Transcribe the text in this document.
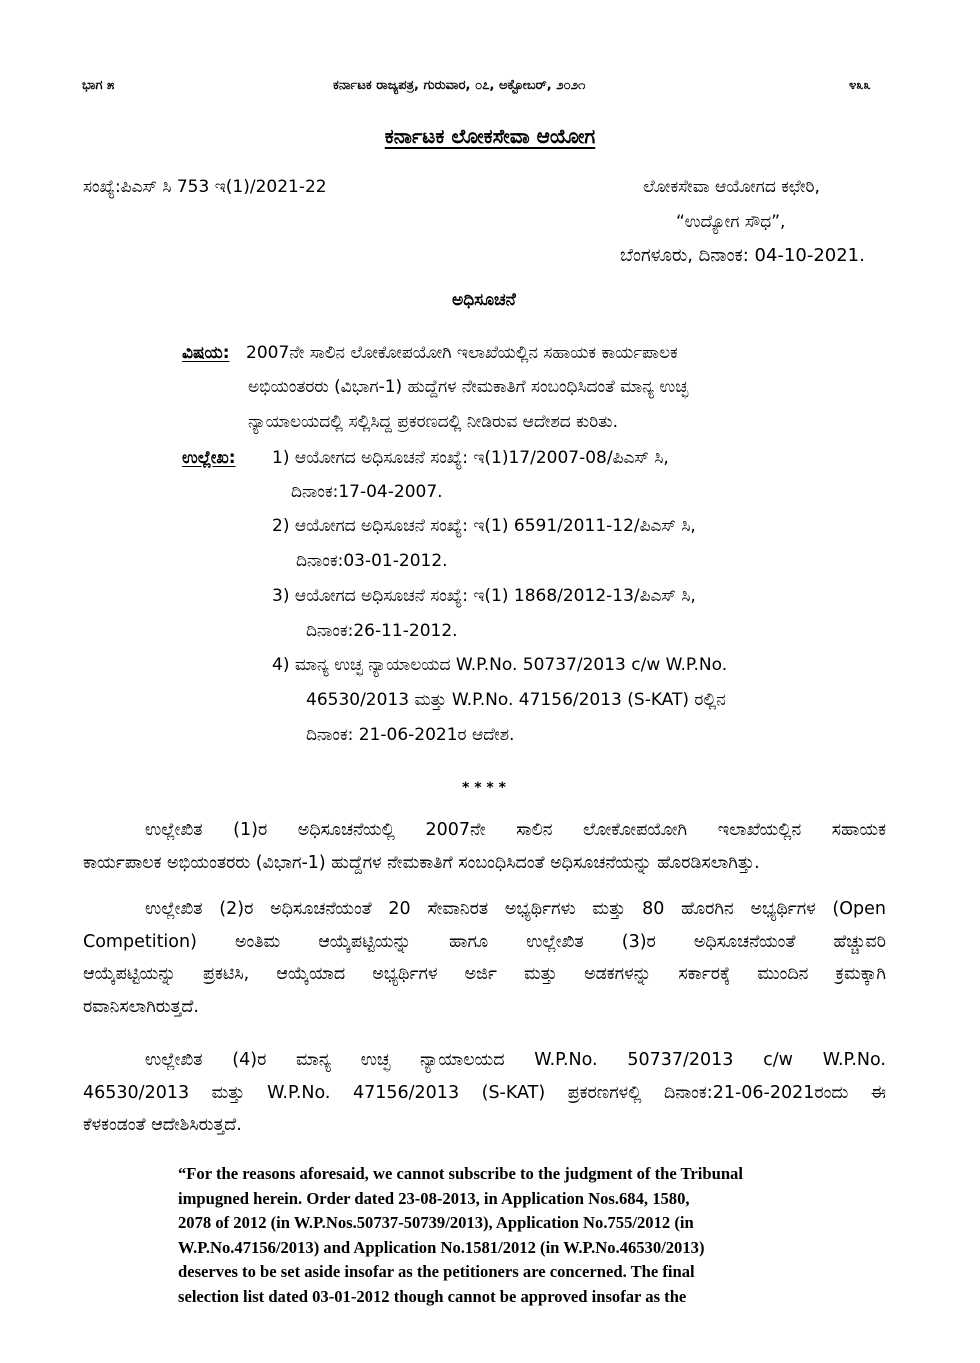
ಭಾಗ ೫	ಕರ್ನಾಟಕ ರಾಜ್ಯಪತ್ರ, ಗುರುವಾರ, ೦೭, ಅಕ್ಟೋಬರ್, ೨೦೨೧	೪೩೩
ಕರ್ನಾಟಕ ಲೋಕಸೇವಾ ಆಯೋಗ
ಸಂಖ್ಯೆ:ಪಿಎಸ್ ಸಿ 753 ಇ(1)/2021-22	ಲೋಕಸೇವಾ ಆಯೋಗದ ಕಛೇರಿ,
“ಉದ್ಯೋಗ ಸೌಧ”,
ಬೆಂಗಳೂರು, ದಿನಾಂಕ: 04-10-2021.
ಅಧಿಸೂಚನೆ
ವಿಷಯ: 2007ನೇ ಸಾಲಿನ ಲೋಕೋಪಯೋಗಿ ಇಲಾಖೆಯಲ್ಲಿನ ಸಹಾಯಕ ಕಾರ್ಯಪಾಲಕ
ಅಭಿಯಂತರರು (ವಿಭಾಗ-1) ಹುದ್ದೆಗಳ ನೇಮಕಾತಿಗೆ ಸಂಬಂಧಿಸಿದಂತೆ ಮಾನ್ಯ ಉಚ್ಛ
ನ್ಯಾಯಾಲಯದಲ್ಲಿ ಸಲ್ಲಿಸಿದ್ದ ಪ್ರಕರಣದಲ್ಲಿ ನೀಡಿರುವ ಆದೇಶದ ಕುರಿತು.
ಉಲ್ಲೇಖ: 1) ಆಯೋಗದ ಅಧಿಸೂಚನೆ ಸಂಖ್ಯೆ: ಇ(1)17/2007-08/ಪಿಎಸ್ ಸಿ,
ದಿನಾಂಕ:17-04-2007.
2) ಆಯೋಗದ ಅಧಿಸೂಚನೆ ಸಂಖ್ಯೆ: ಇ(1) 6591/2011-12/ಪಿಎಸ್ ಸಿ,
ದಿನಾಂಕ:03-01-2012.
3) ಆಯೋಗದ ಅಧಿಸೂಚನೆ ಸಂಖ್ಯೆ: ಇ(1) 1868/2012-13/ಪಿಎಸ್ ಸಿ,
ದಿನಾಂಕ:26-11-2012.
4) ಮಾನ್ಯ ಉಚ್ಛ ನ್ಯಾಯಾಲಯದ W.P.No. 50737/2013 c/w W.P.No.
46530/2013 ಮತ್ತು W.P.No. 47156/2013 (S-KAT) ರಲ್ಲಿನ
ದಿನಾಂಕ: 21-06-2021ರ ಆದೇಶ.
* * * *
ಉಲ್ಲೇಖಿತ (1)ರ ಅಧಿಸೂಚನೆಯಲ್ಲಿ 2007ನೇ ಸಾಲಿನ ಲೋಕೋಪಯೋಗಿ ಇಲಾಖೆಯಲ್ಲಿನ ಸಹಾಯಕ
ಕಾರ್ಯಪಾಲಕ ಅಭಿಯಂತರರು (ವಿಭಾಗ-1) ಹುದ್ದೆಗಳ ನೇಮಕಾತಿಗೆ ಸಂಬಂಧಿಸಿದಂತೆ ಅಧಿಸೂಚನೆಯನ್ನು ಹೊರಡಿಸಲಾಗಿತ್ತು.
ಉಲ್ಲೇಖಿತ (2)ರ ಅಧಿಸೂಚನೆಯಂತೆ 20 ಸೇವಾನಿರತ ಅಭ್ಯರ್ಥಿಗಳು ಮತ್ತು 80 ಹೊರಗಿನ ಅಭ್ಯರ್ಥಿಗಳ (Open
Competition) ಅಂತಿಮ ಆಯ್ಕೆಪಟ್ಟಿಯನ್ನು ಹಾಗೂ ಉಲ್ಲೇಖಿತ (3)ರ ಅಧಿಸೂಚನೆಯಂತೆ ಹೆಚ್ಚುವರಿ
ಆಯ್ಕೆಪಟ್ಟಿಯನ್ನು ಪ್ರಕಟಿಸಿ, ಆಯ್ಕೆಯಾದ ಅಭ್ಯರ್ಥಿಗಳ ಅರ್ಜಿ ಮತ್ತು ಅಡಕಗಳನ್ನು ಸರ್ಕಾರಕ್ಕೆ ಮುಂದಿನ ಕ್ರಮಕ್ಕಾಗಿ
ರವಾನಿಸಲಾಗಿರುತ್ತದೆ.
ಉಲ್ಲೇಖಿತ (4)ರ ಮಾನ್ಯ ಉಚ್ಛ ನ್ಯಾಯಾಲಯದ W.P.No. 50737/2013 c/w W.P.No.
46530/2013 ಮತ್ತು W.P.No. 47156/2013 (S-KAT) ಪ್ರಕರಣಗಳಲ್ಲಿ ದಿನಾಂಕ:21-06-2021ರಂದು ಈ
ಕೆಳಕಂಡಂತೆ ಆದೇಶಿಸಿರುತ್ತದೆ.
“For the reasons aforesaid, we cannot subscribe to the judgment of the Tribunal
impugned herein. Order dated 23-08-2013, in Application Nos.684, 1580,
2078 of 2012 (in W.P.Nos.50737-50739/2013), Application No.755/2012 (in
W.P.No.47156/2013) and Application No.1581/2012 (in W.P.No.46530/2013)
deserves to be set aside insofar as the petitioners are concerned. The final
selection list dated 03-01-2012 though cannot be approved insofar as the
